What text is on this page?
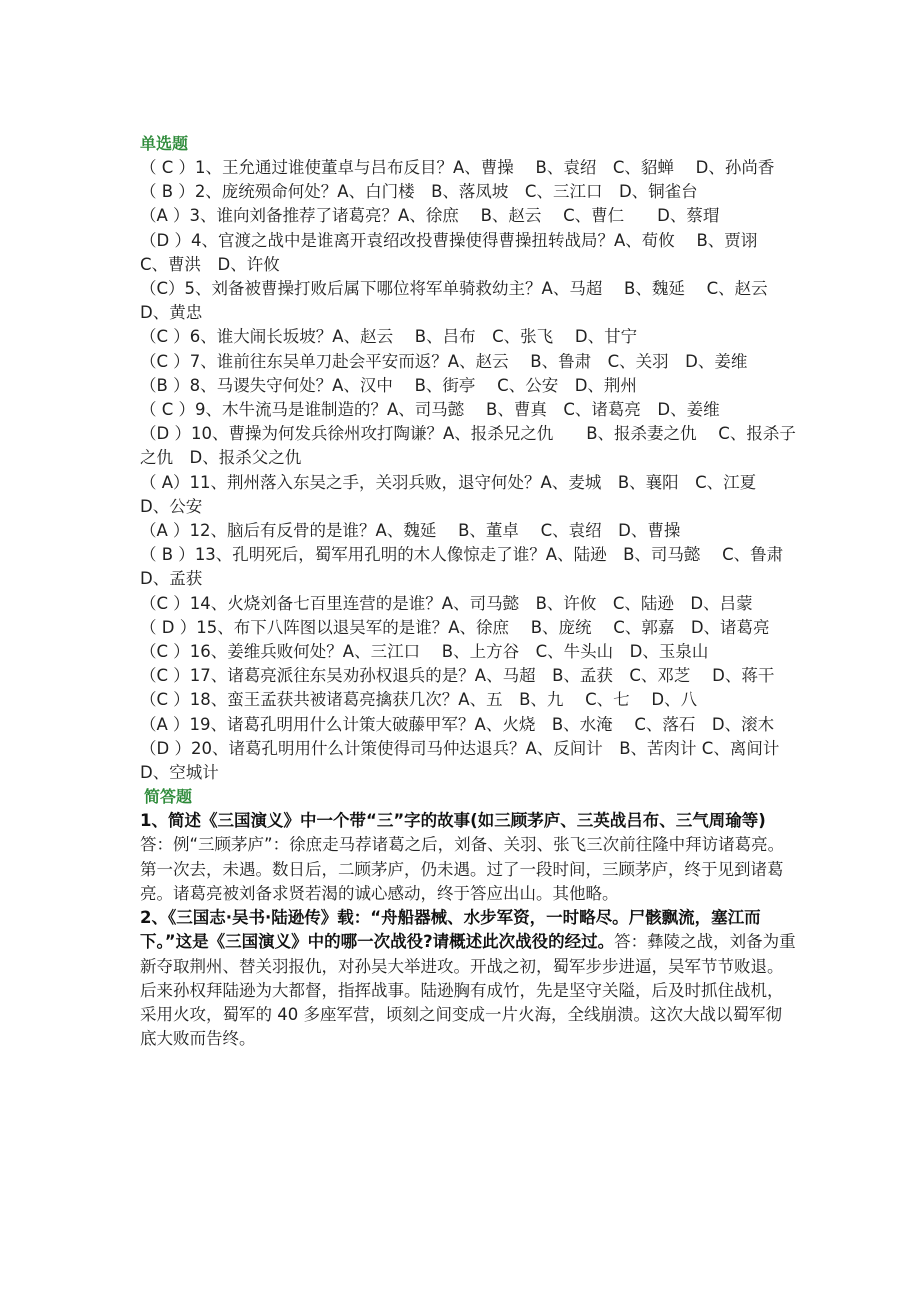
单选题

（ C ）1、王允通过谁使董卓与吕布反目？A、曹操　 B、袁绍　C、貂蝉　 D、孙尚香

（ B ）2、庞统殒命何处？A、白门楼　B、落凤坡　C、三江口　D、铜雀台

（A ）3、谁向刘备推荐了诸葛亮？A、徐庶　 B、赵云　 C、曹仁　　D、蔡瑁

（D ）4、官渡之战中是谁离开袁绍改投曹操使得曹操扭转战局？A、荀攸　 B、贾诩　C、曹洪　D、许攸

（C）5、刘备被曹操打败后属下哪位将军单骑救幼主？A、马超　 B、魏延　 C、赵云　D、黄忠

（C ）6、谁大闹长坂坡？A、赵云　 B、吕布　C、张飞　 D、甘宁

（C ）7、谁前往东吴单刀赴会平安而返？A、赵云　 B、鲁肃　C、关羽　D、姜维

（B ）8、马谡失守何处？A、汉中　 B、街亭　 C、公安　D、荆州

（ C ）9、木牛流马是谁制造的？A、司马懿　 B、曹真　C、诸葛亮　D、姜维

（D ）10、曹操为何发兵徐州攻打陶谦？A、报杀兄之仇　　B、报杀妻之仇　 C、报杀子之仇　D、报杀父之仇

（ A）11、荆州落入东吴之手，关羽兵败，退守何处？A、麦城　B、襄阳　C、江夏　D、公安

（A ）12、脑后有反骨的是谁？A、魏延　 B、董卓　 C、袁绍　D、曹操

（ B ）13、孔明死后，蜀军用孔明的木人像惊走了谁？A、陆逊　B、司马懿　 C、鲁肃　D、孟获

（C ）14、火烧刘备七百里连营的是谁？A、司马懿　B、许攸　C、陆逊　D、吕蒙

（ D ）15、布下八阵图以退吴军的是谁？A、徐庶　 B、庞统　 C、郭嘉　D、诸葛亮

（C ）16、姜维兵败何处？A、三江口　 B、上方谷　C、牛头山　D、玉泉山

（C ）17、诸葛亮派往东吴劝孙权退兵的是？A、马超　B、孟获　C、邓芝　 D、蒋干

（C ）18、蛮王孟获共被诸葛亮擒获几次？A、五　B、九　 C、七　 D、八

（A ）19、诸葛孔明用什么计策大破藤甲军？A、火烧　B、水淹　 C、落石　D、滚木

（D ）20、诸葛孔明用什么计策使得司马仲达退兵？A、反间计　B、苦肉计 C、离间计　D、空城计

简答题

1、简述《三国演义》中一个带“三”字的故事(如三顾茅庐、三英战吕布、三气周瑜等)答：例“三顾茅庐”：徐庶走马荐诸葛之后，刘备、关羽、张飞三次前往隆中拜访诸葛亮。第一次去，未遇。数日后，二顾茅庐，仍未遇。过了一段时间，三顾茅庐，终于见到诸葛亮。诸葛亮被刘备求贤若渴的诚心感动，终于答应出山。其他略。

2、《三国志·吴书·陆逊传》载：“舟船器械、水步军资，一时略尽。尸骸飘流，塞江而下。”这是《三国演义》中的哪一次战役?请概述此次战役的经过。答：彝陵之战，刘备为重新夺取荆州、替关羽报仇，对孙吴大举进攻。开战之初，蜀军步步进逼，吴军节节败退。后来孙权拜陆逊为大都督，指挥战事。陆逊胸有成竹，先是坚守关隘，后及时抓住战机，采用火攻，蜀军的 40 多座军营，顷刻之间变成一片火海，全线崩溃。这次大战以蜀军彻底大败而告终。
